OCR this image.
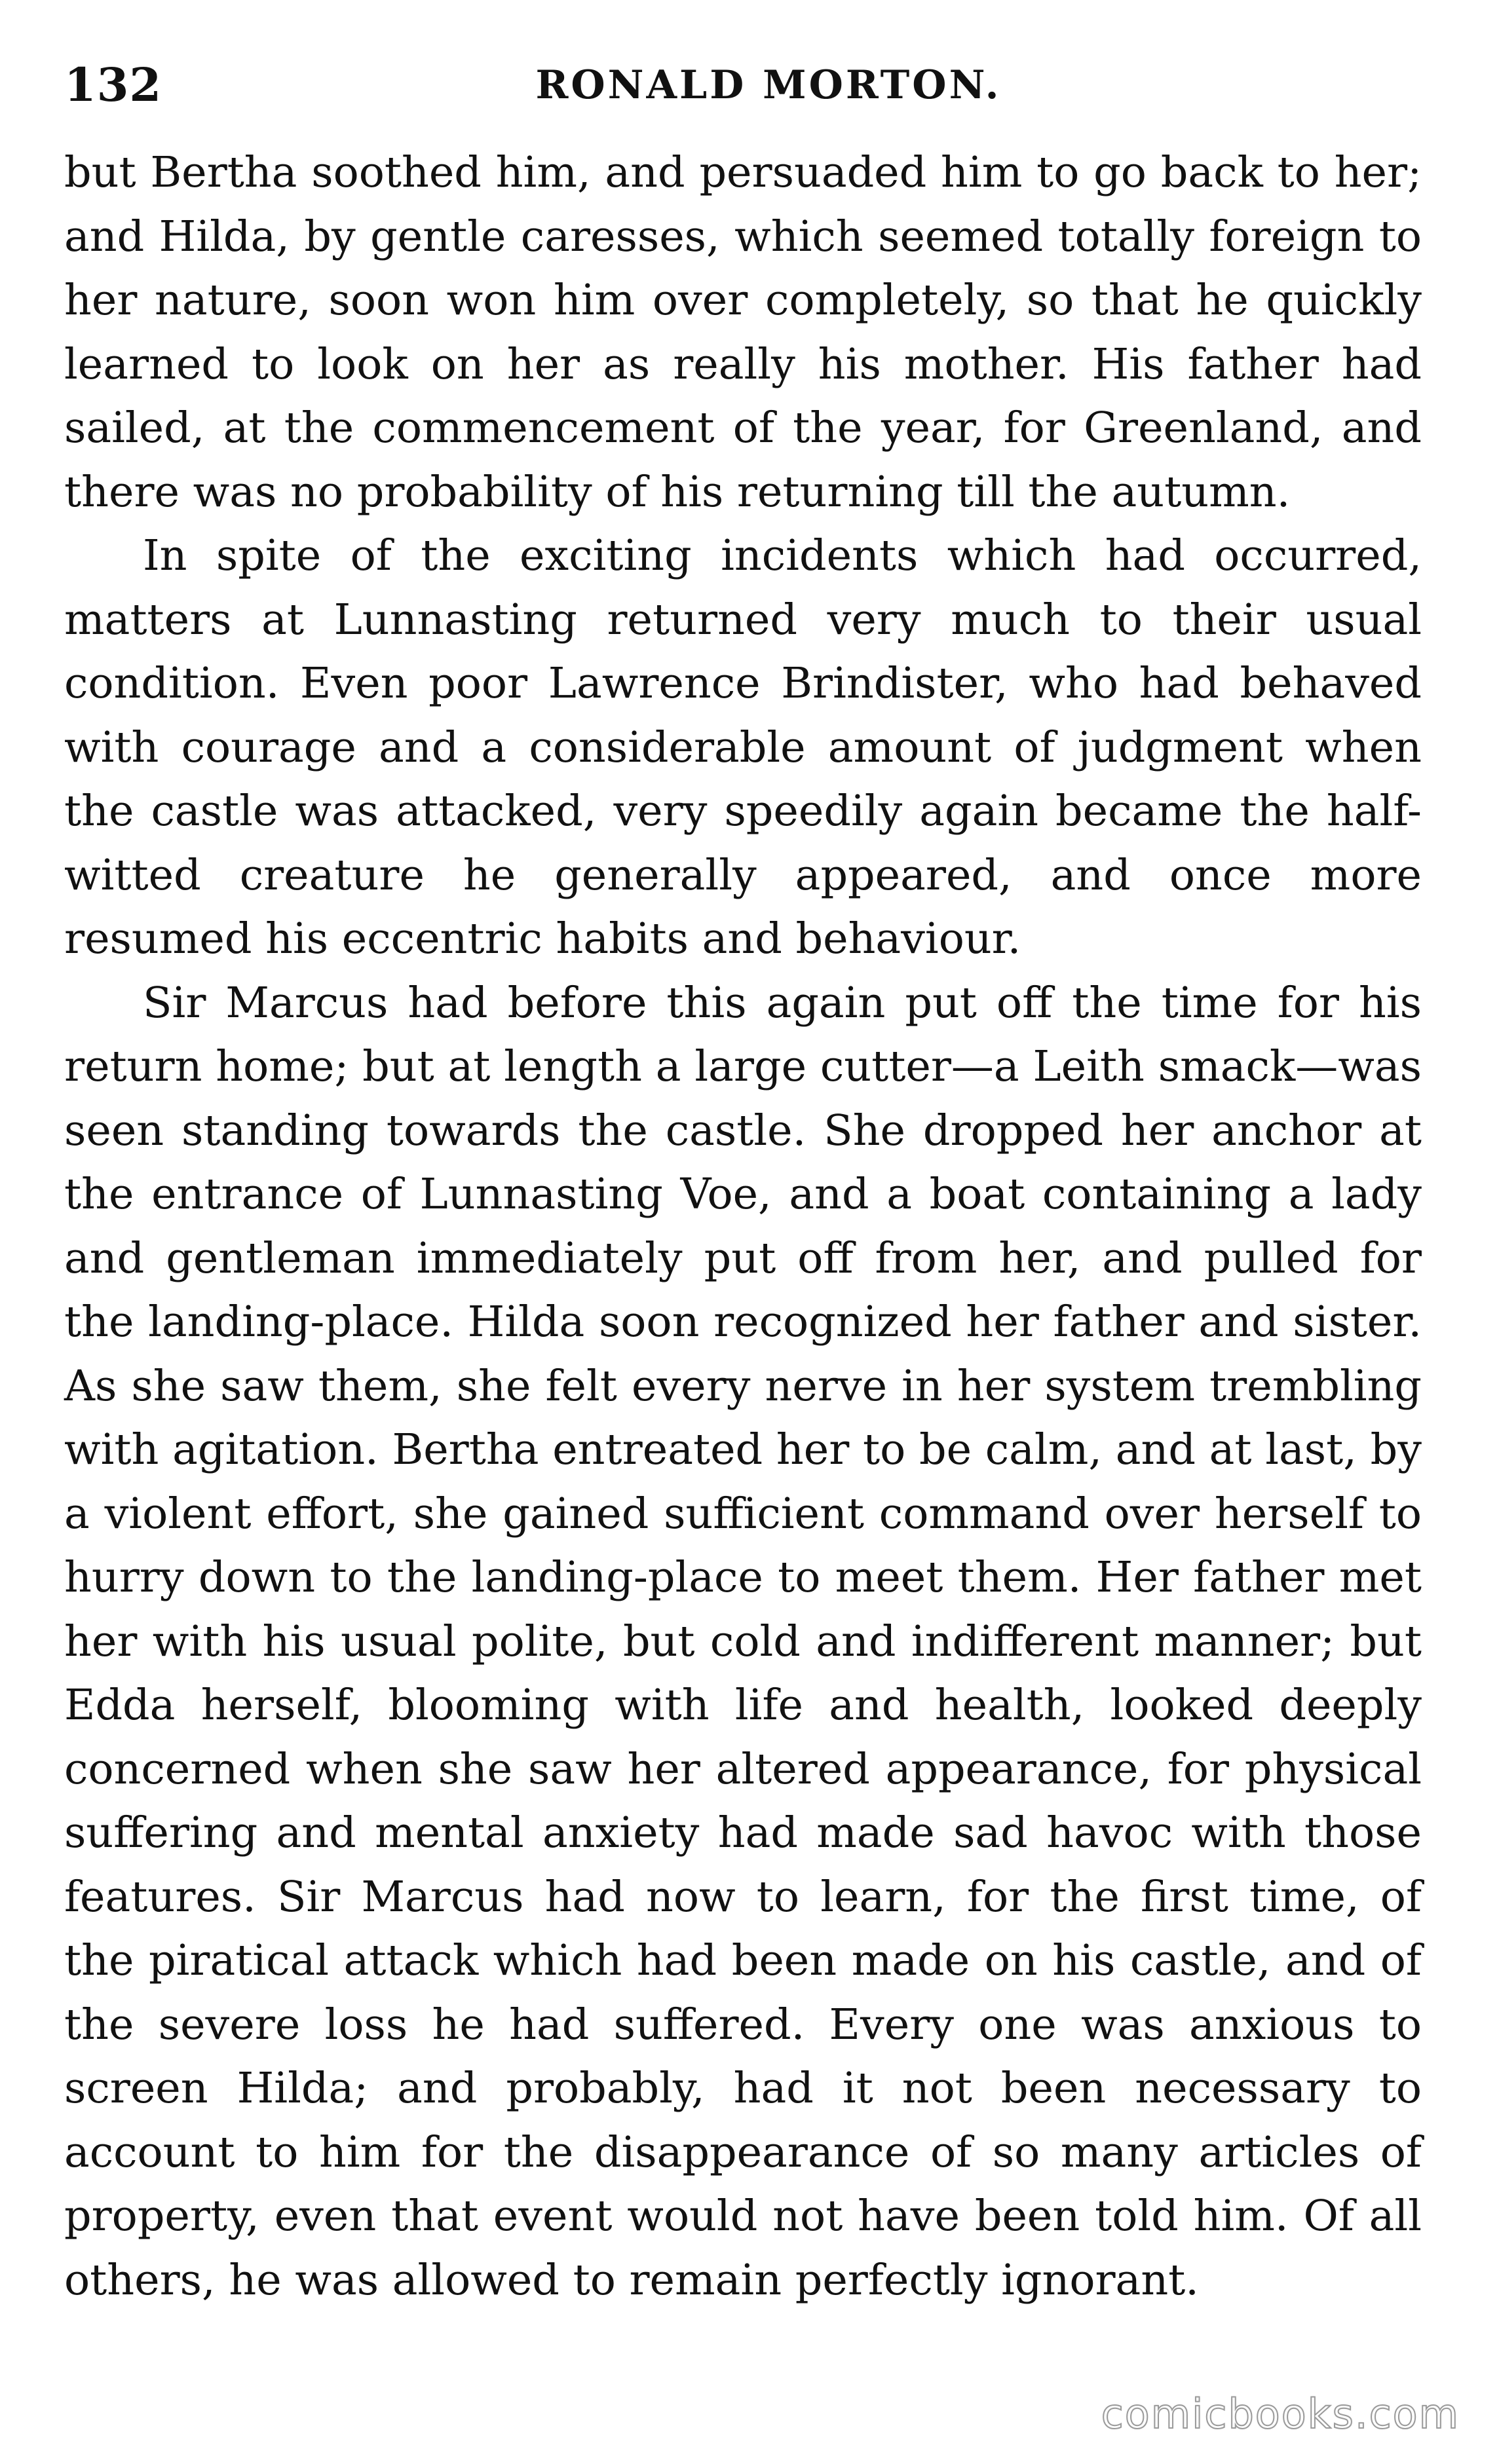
132	RONALD MORTON.

but Bertha soothed him, and persuaded him to go back to her; and Hilda, by gentle caresses, which seemed totally foreign to her nature, soon won him over completely, so that he quickly learned to look on her as really his mother. His father had sailed, at the commencement of the year, for Greenland, and there was no probability of his returning till the autumn.

In spite of the exciting incidents which had occurred, matters at Lunnasting returned very much to their usual condition. Even poor Lawrence Brindister, who had behaved with courage and a considerable amount of judgment when the castle was attacked, very speedily again became the half-witted creature he generally appeared, and once more resumed his eccentric habits and behaviour.

Sir Marcus had before this again put off the time for his return home; but at length a large cutter—a Leith smack—was seen standing towards the castle. She dropped her anchor at the entrance of Lunnasting Voe, and a boat containing a lady and gentleman immediately put off from her, and pulled for the landing-place. Hilda soon recognized her father and sister. As she saw them, she felt every nerve in her system trembling with agitation. Bertha entreated her to be calm, and at last, by a violent effort, she gained sufficient command over herself to hurry down to the landing-place to meet them. Her father met her with his usual polite, but cold and indifferent manner; but Edda herself, blooming with life and health, looked deeply concerned when she saw her altered appearance, for physical suffering and mental anxiety had made sad havoc with those features. Sir Marcus had now to learn, for the first time, of the piratical attack which had been made on his castle, and of the severe loss he had suffered. Every one was anxious to screen Hilda; and probably, had it not been necessary to account to him for the disappearance of so many articles of property, even that event would not have been told him. Of all others, he was allowed to remain perfectly ignorant.

comicbooks.com
